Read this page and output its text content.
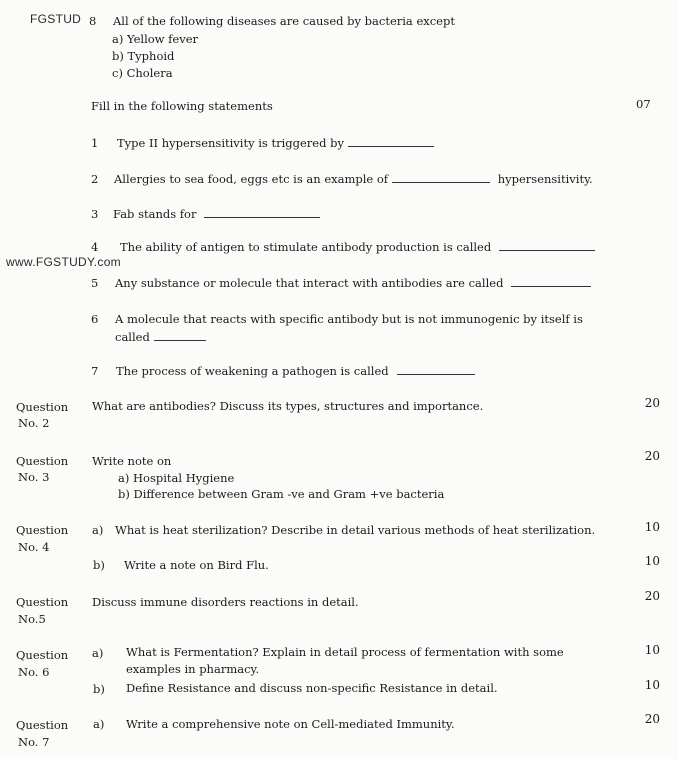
FGSTUD
www.FGSTUDY.com
8 All of the following diseases are caused by bacteria except
a) Yellow fever
b) Typhoid
c) Cholera
Fill in the following statements	07
1 Type II hypersensitivity is triggered by
2 Allergies to sea food, eggs etc is an example of	hypersensitivity.
3 Fab stands for
4 The ability of antigen to stimulate antibody production is called
5 Any substance or molecule that interact with antibodies are called
6 A molecule that reacts with specific antibody but is not immunogenic by itself is
called
7 The process of weakening a pathogen is called
Question
No. 2
What are antibodies? Discuss its types, structures and importance.	20
Question
No. 3
Write note on
a) Hospital Hygiene
b) Difference between Gram -ve and Gram +ve bacteria
20
Question
No. 4
a) What is heat sterilization? Describe in detail various methods of heat sterilization.	10
b) Write a note on Bird Flu.	10
Question
No.5
Discuss immune disorders reactions in detail.	20
Question
No. 6
a) What is Fermentation? Explain in detail process of fermentation with some
examples in pharmacy.
10
b) Define Resistance and discuss non-specific Resistance in detail.	10
Question
No. 7
a) Write a comprehensive note on Cell-mediated Immunity.	20
